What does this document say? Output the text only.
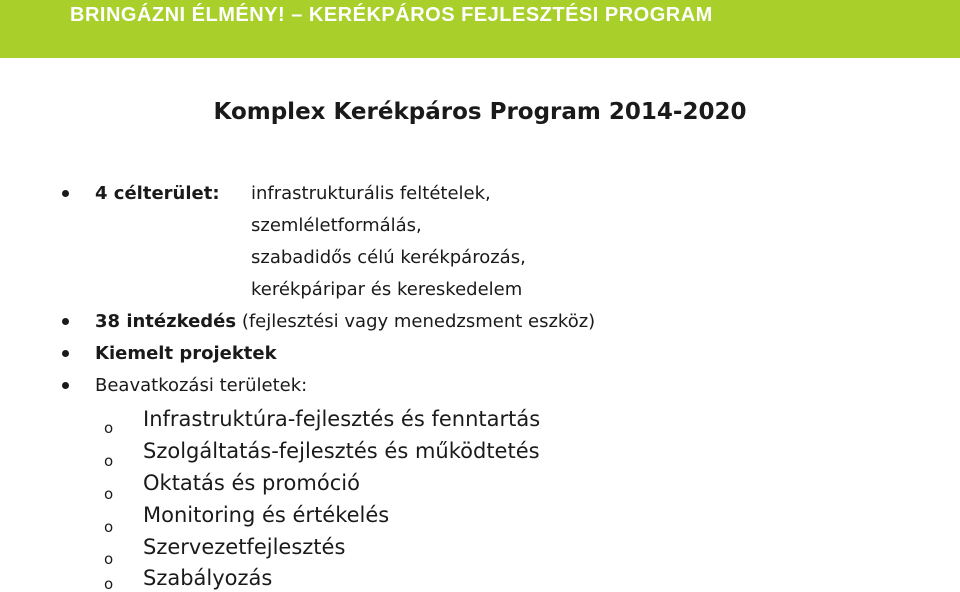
BRINGÁZNI ÉLMÉNY! – KERÉKPÁROS FEJLESZTÉSI PROGRAM
Komplex Kerékpáros Program 2014-2020
4 célterület: infrastrukturális feltételek,
szemléletformálás,
szabadidős célú kerékpározás,
kerékpáripar és kereskedelem
38 intézkedés (fejlesztési vagy menedzsment eszköz)
Kiemelt projektek
Beavatkozási területek:
o Infrastruktúra-fejlesztés és fenntartás
o Szolgáltatás-fejlesztés és működtetés
o Oktatás és promóció
o Monitoring és értékelés
o Szervezetfejlesztés
o Szabályozás
